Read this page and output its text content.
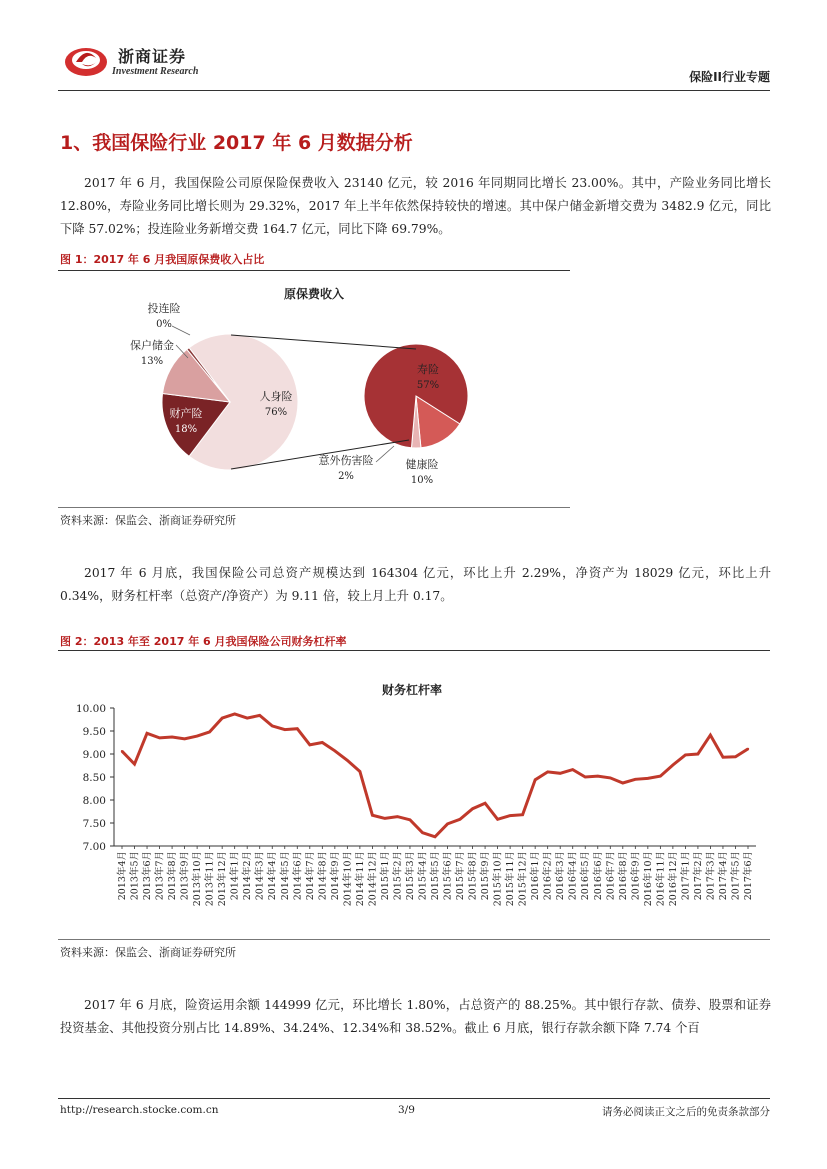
浙商证券
Investment Research	保险II行业专题
1、我国保险行业 2017 年 6 月数据分析

2017 年 6 月，我国保险公司原保险保费收入 23140 亿元，较 2016 年同期同比增长 23.00%。其中，产险业务同比增长 12.80%，寿险业务同比增长则为 29.32%，2017 年上半年依然保持较快的增速。其中保户储金新增交费为 3482.9 亿元，同比下降 57.02%；投连险业务新增交费 164.7 亿元，同比下降 69.79%。

图 1：2017 年 6 月我国原保费收入占比
原保费收入
人身险
76%
财产险
18%
保户储金
13%
投连险
0%
寿险
57%
健康险
10%
意外伤害险
2%
资料来源：保监会、浙商证券研究所

2017 年 6 月底，我国保险公司总资产规模达到 164304 亿元，环比上升 2.29%，净资产为 18029 亿元，环比上升 0.34%，财务杠杆率（总资产/净资产）为 9.11 倍，较上月上升 0.17。

图 2：2013 年至 2017 年 6 月我国保险公司财务杠杆率
财务杠杆率
10.00
9.50
9.00
8.50
8.00
7.50
7.00
2013年4月 2013年5月 2013年6月 2013年7月 2013年8月 2013年9月 2013年10月 2013年11月 2013年12月 2014年1月 2014年2月 2014年3月 2014年4月 2014年5月 2014年6月 2014年7月 2014年8月 2014年9月 2014年10月 2014年11月 2014年12月 2015年1月 2015年2月 2015年3月 2015年4月 2015年5月 2015年6月 2015年7月 2015年8月 2015年9月 2015年10月 2015年11月 2015年12月 2016年1月 2016年2月 2016年3月 2016年4月 2016年5月 2016年6月 2016年7月 2016年8月 2016年9月 2016年10月 2016年11月 2016年12月 2017年1月 2017年2月 2017年3月 2017年4月 2017年5月 2017年6月
资料来源：保监会、浙商证券研究所

2017 年 6 月底，险资运用余额 144999 亿元，环比增长 1.80%，占总资产的 88.25%。其中银行存款、债券、股票和证券投资基金、其他投资分别占比 14.89%、34.24%、12.34%和 38.52%。截止 6 月底，银行存款余额下降 7.74 个百

http://research.stocke.com.cn	3/9	请务必阅读正文之后的免责条款部分
